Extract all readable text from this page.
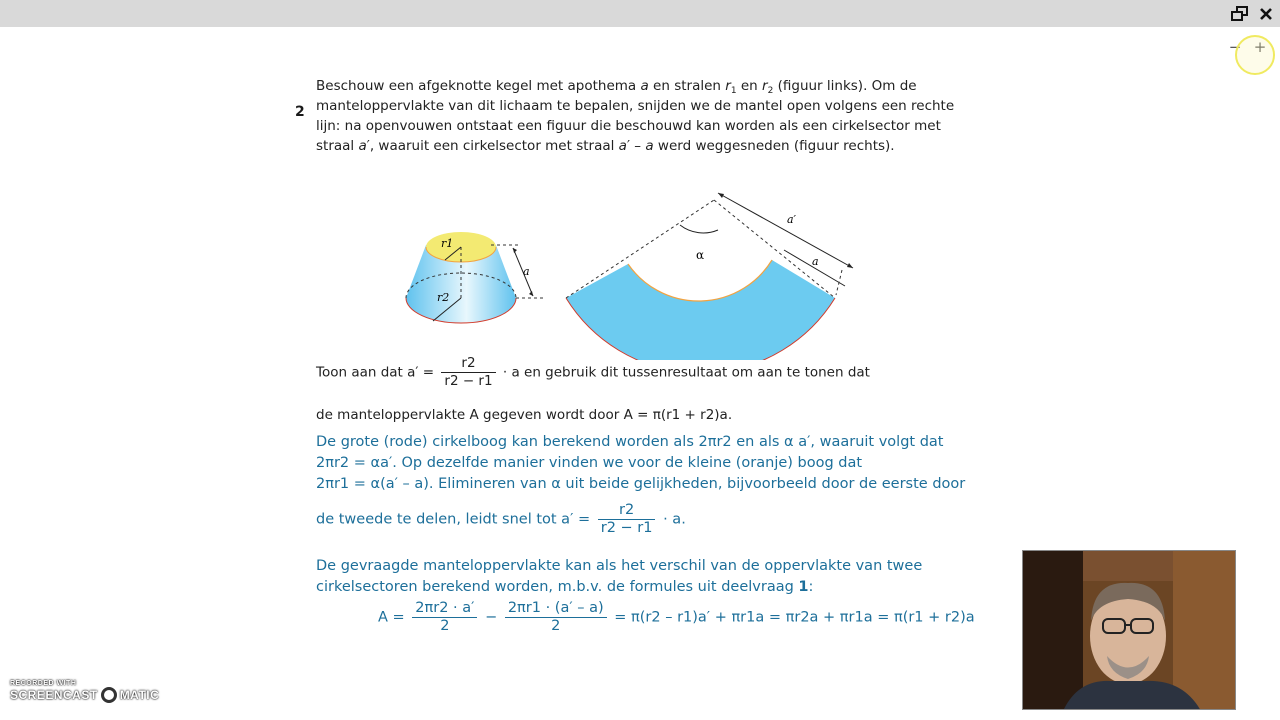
− +
2
Beschouw een afgeknotte kegel met apothema a en stralen $r_1$ en $r_2$ (figuur links). Om de
manteloppervlakte van dit lichaam te bepalen, snijden we de mantel open volgens een rechte
lijn: na openvouwen ontstaat een figuur die beschouwd kan worden als een cirkelsector met
straal a′, waaruit een cirkelsector met straal a′ – a werd weggesneden (figuur rechts).
r1
r2
a
a′
a
α
Toon aan dat $a' = \frac{r2}{r2 - r1} \cdot a$ en gebruik dit tussenresultaat om aan te tonen dat
de manteloppervlakte A gegeven wordt door A = π(r1 + r2)a.
De grote (rode) cirkelboog kan berekend worden als 2πr2 en als α a′, waaruit volgt dat
2πr2 = αa′. Op dezelfde manier vinden we voor de kleine (oranje) boog dat
2πr1 = α(a′ – a). Elimineren van α uit beide gelijkheden, bijvoorbeeld door de eerste door
de tweede te delen, leidt snel tot $a' = \frac{r2}{r2 - r1} \cdot a$.
De gevraagde manteloppervlakte kan als het verschil van de oppervlakte van twee
cirkelsectoren berekend worden, m.b.v. de formules uit deelvraag 1:
$A = \frac{2\pi r2 \cdot a'}{2} - \frac{2\pi r1 \cdot (a' - a)}{2} = \pi(r2 - r1)a' + \pi r1a = \pi r2a + \pi r1a = \pi(r1 + r2)a$
RECORDED WITH
SCREENCAST MATIC
